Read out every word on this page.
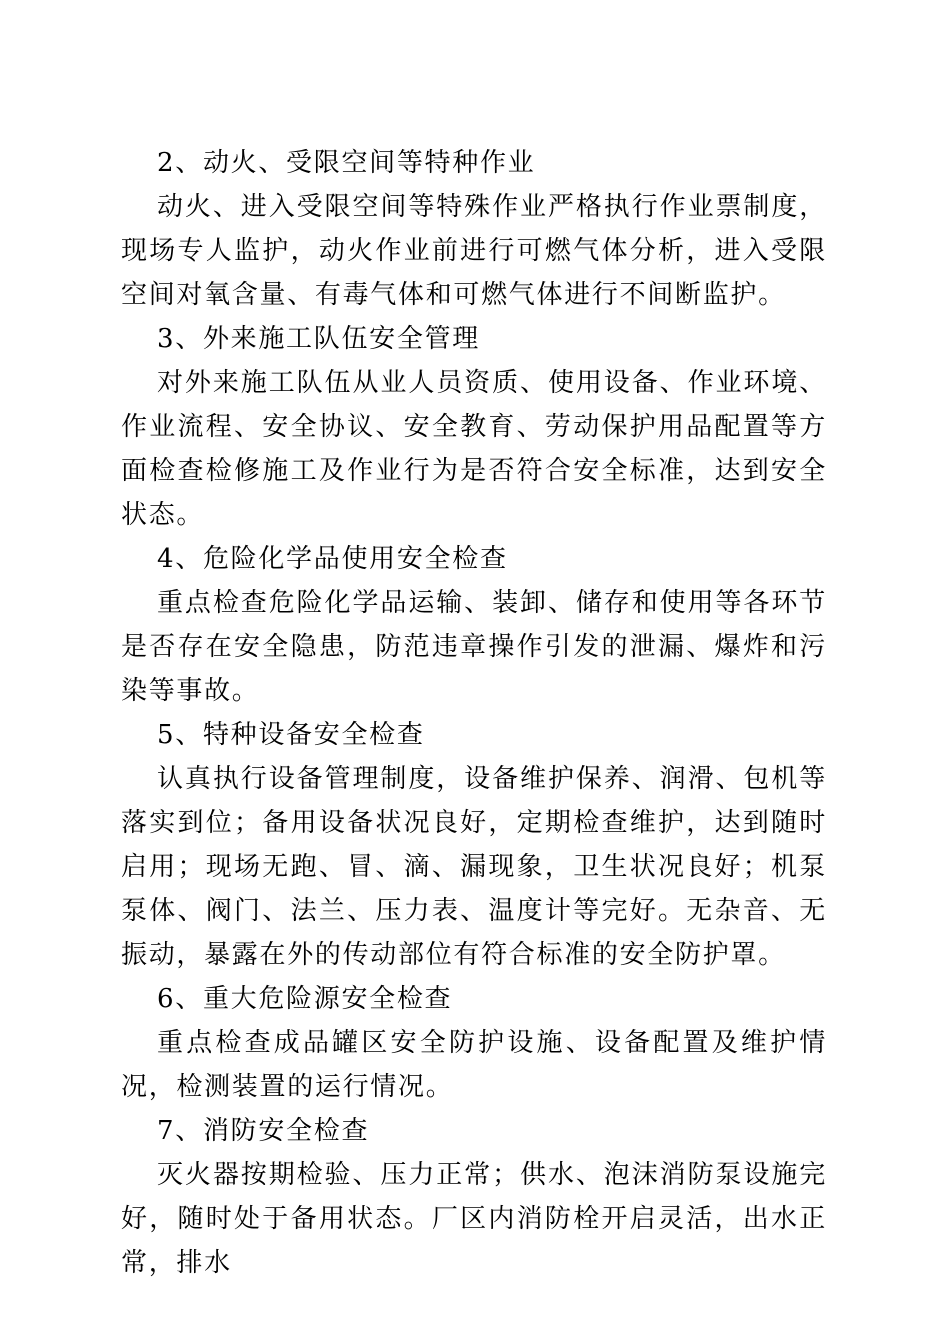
2、动火、受限空间等特种作业

动火、进入受限空间等特殊作业严格执行作业票制度，现场专人监护，动火作业前进行可燃气体分析，进入受限空间对氧含量、有毒气体和可燃气体进行不间断监护。

3、外来施工队伍安全管理

对外来施工队伍从业人员资质、使用设备、作业环境、作业流程、安全协议、安全教育、劳动保护用品配置等方面检查检修施工及作业行为是否符合安全标准，达到安全状态。

4、危险化学品使用安全检查

重点检查危险化学品运输、装卸、储存和使用等各环节是否存在安全隐患，防范违章操作引发的泄漏、爆炸和污染等事故。

5、特种设备安全检查

认真执行设备管理制度，设备维护保养、润滑、包机等落实到位；备用设备状况良好，定期检查维护，达到随时启用；现场无跑、冒、滴、漏现象，卫生状况良好；机泵泵体、阀门、法兰、压力表、温度计等完好。无杂音、无振动，暴露在外的传动部位有符合标准的安全防护罩。

6、重大危险源安全检查

重点检查成品罐区安全防护设施、设备配置及维护情况，检测装置的运行情况。

7、消防安全检查

灭火器按期检验、压力正常；供水、泡沫消防泵设施完好，随时处于备用状态。厂区内消防栓开启灵活，出水正常，排水
